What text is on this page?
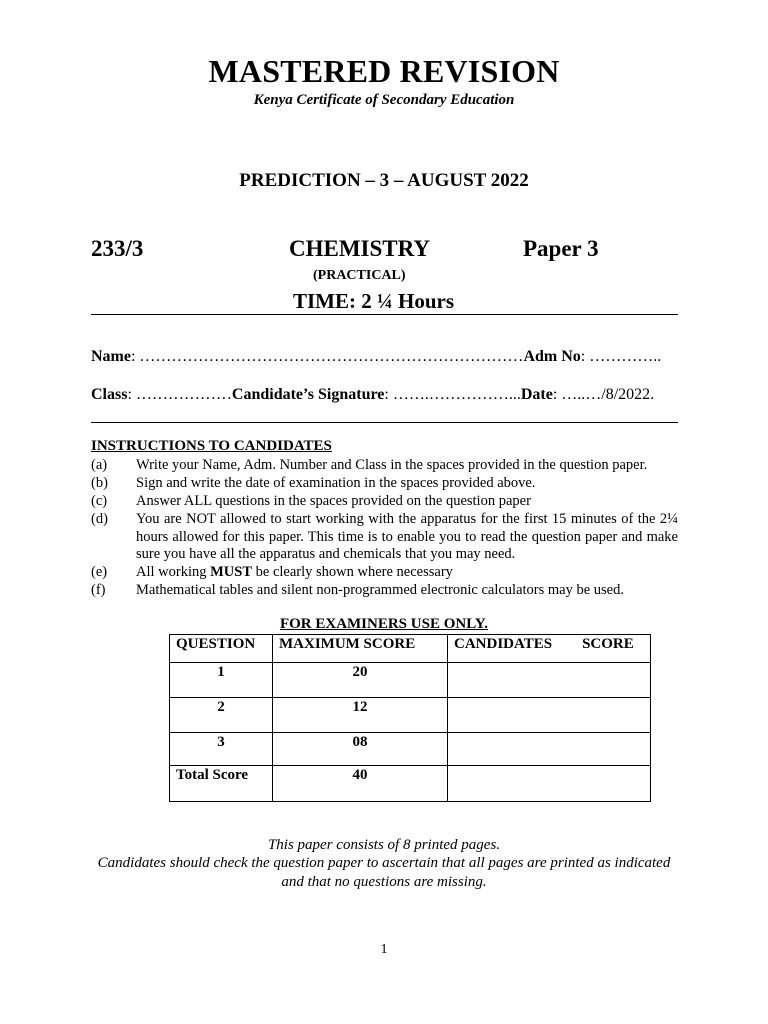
MASTERED REVISION
Kenya Certificate of Secondary Education
PREDICTION – 3 – AUGUST 2022
233/3	CHEMISTRY	Paper 3
(PRACTICAL)
TIME: 2 ¼ Hours
Name: ………………………………………………………………Adm No: …………..
Class: ………………Candidate’s Signature: …….……………...Date: …..…/8/2022.
INSTRUCTIONS TO CANDIDATES
(a) Write your Name, Adm. Number and Class in the spaces provided in the question paper.
(b) Sign and write the date of examination in the spaces provided above.
(c) Answer ALL questions in the spaces provided on the question paper
(d) You are NOT allowed to start working with the apparatus for the first 15 minutes of the 2¼ hours allowed for this paper. This time is to enable you to read the question paper and make sure you have all the apparatus and chemicals that you may need.
(e) All working MUST be clearly shown where necessary
(f) Mathematical tables and silent non-programmed electronic calculators may be used.
FOR EXAMINERS USE ONLY.
QUESTION	MAXIMUM SCORE	CANDIDATES SCORE
1	20	
2	12	
3	08	
Total Score	40	
This paper consists of 8 printed pages.
Candidates should check the question paper to ascertain that all pages are printed as indicated
and that no questions are missing.
1
